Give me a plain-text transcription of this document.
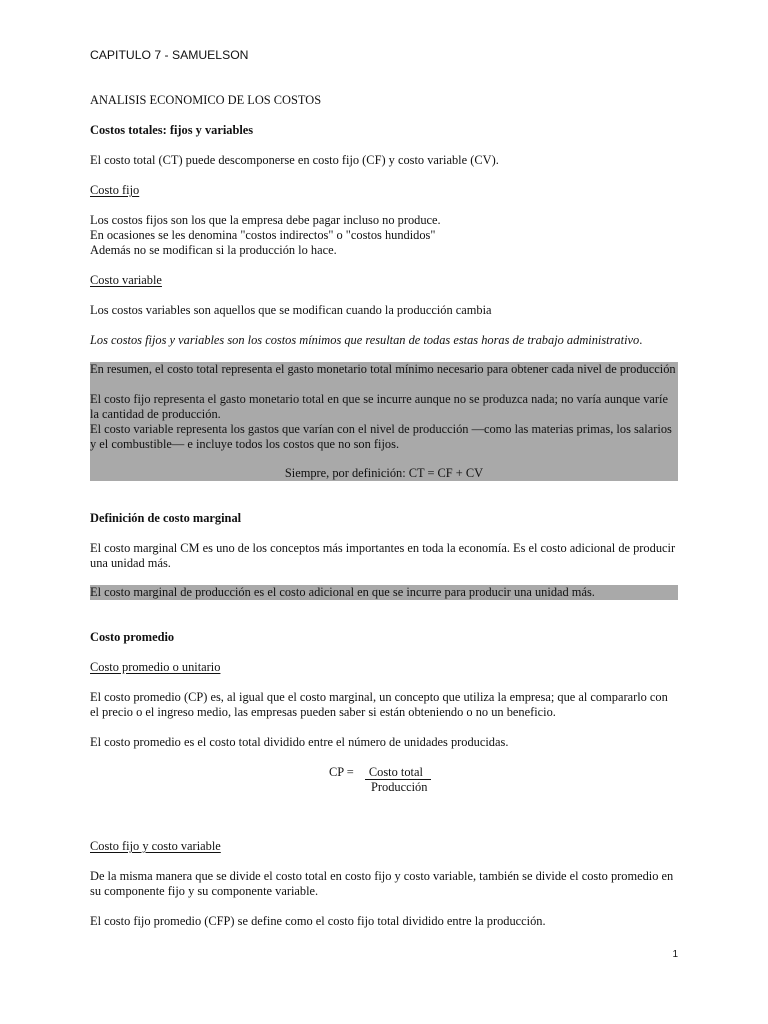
CAPITULO 7 - SAMUELSON
ANALISIS ECONOMICO DE LOS COSTOS
Costos totales: fijos y variables
El costo total (CT) puede descomponerse en costo fijo (CF) y costo variable (CV).
Costo fijo
Los costos fijos son los que la empresa debe pagar incluso no produce.
En ocasiones se les denomina "costos indirectos" o "costos hundidos"
Además no se modifican si la producción lo hace.
Costo variable
Los costos variables son aquellos que se modifican cuando la producción cambia
Los costos fijos y variables son los costos mínimos que resultan de todas estas horas de trabajo administrativo.
En resumen, el costo total representa el gasto monetario total mínimo necesario para obtener cada nivel de producción
El costo fijo representa el gasto monetario total en que se incurre aunque no se produzca nada; no varía aunque varíe la cantidad de producción.
El costo variable representa los gastos que varían con el nivel de producción —como las materias primas, los salarios y el combustible— e incluye todos los costos que no son fijos.
Siempre, por definición: CT = CF + CV
Definición de costo marginal
El costo marginal CM es uno de los conceptos más importantes en toda la economía. Es el costo adicional de producir una unidad más.
El costo marginal de producción es el costo adicional en que se incurre para producir una unidad más.
Costo promedio
Costo promedio o unitario
El costo promedio (CP) es, al igual que el costo marginal, un concepto que utiliza la empresa; que al compararlo con el precio o el ingreso medio, las empresas pueden saber si están obteniendo o no un beneficio.
El costo promedio es el costo total dividido entre el número de unidades producidas.
CP = Costo total
Producción
Costo fijo y costo variable
De la misma manera que se divide el costo total en costo fijo y costo variable, también se divide el costo promedio en su componente fijo y su componente variable.
El costo fijo promedio (CFP) se define como el costo fijo total dividido entre la producción.
1
